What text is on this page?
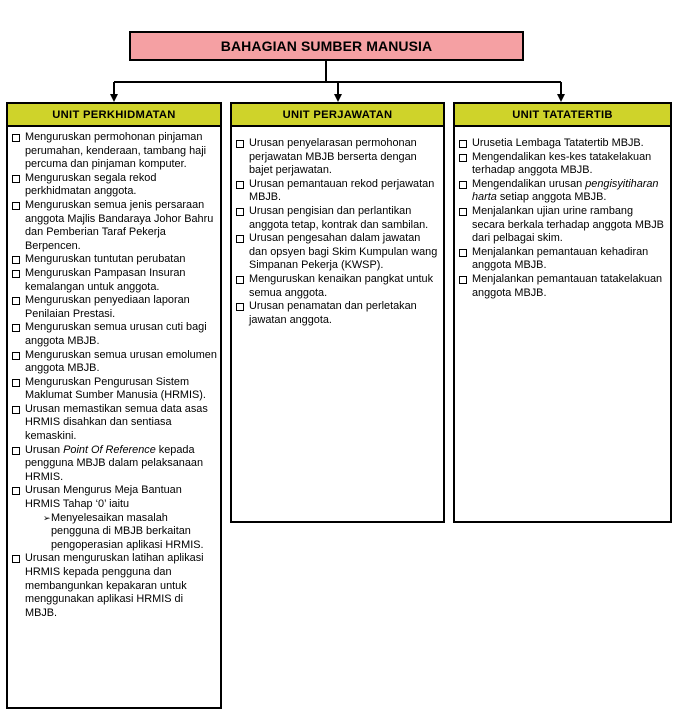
BAHAGIAN SUMBER MANUSIA
UNIT PERKHIDMATAN
Menguruskan permohonan pinjaman perumahan, kenderaan, tambang haji percuma dan pinjaman komputer.
Menguruskan segala rekod perkhidmatan anggota.
Menguruskan semua jenis persaraan anggota Majlis Bandaraya Johor Bahru dan Pemberian Taraf Pekerja Berpencen.
Menguruskan tuntutan perubatan
Menguruskan Pampasan Insuran kemalangan untuk anggota.
Menguruskan penyediaan laporan Penilaian Prestasi.
Menguruskan semua urusan cuti bagi anggota MBJB.
Menguruskan semua urusan emolumen anggota MBJB.
Menguruskan Pengurusan Sistem Maklumat Sumber Manusia (HRMIS).
Urusan memastikan semua data asas HRMIS disahkan dan sentiasa kemaskini.
Urusan Point Of Reference kepada pengguna MBJB dalam pelaksanaan HRMIS.
Urusan Mengurus Meja Bantuan HRMIS Tahap ‘0’ iaitu
➢ Menyelesaikan masalah pengguna di MBJB berkaitan pengoperasian aplikasi HRMIS.
Urusan menguruskan latihan aplikasi HRMIS kepada pengguna dan membangunkan kepakaran untuk menggunakan aplikasi HRMIS di MBJB.
UNIT PERJAWATAN
Urusan penyelarasan permohonan perjawatan MBJB berserta dengan bajet perjawatan.
Urusan pemantauan rekod perjawatan MBJB.
Urusan pengisian dan perlantikan anggota tetap, kontrak dan sambilan.
Urusan pengesahan dalam jawatan dan opsyen bagi Skim Kumpulan wang Simpanan Pekerja (KWSP).
Menguruskan kenaikan pangkat untuk semua anggota.
Urusan penamatan dan perletakan jawatan anggota.
UNIT TATATERTIB
Urusetia Lembaga Tatatertib MBJB.
Mengendalikan kes-kes tatakelakuan terhadap anggota MBJB.
Mengendalikan urusan pengisyitiharan harta setiap anggota MBJB.
Menjalankan ujian urine rambang secara berkala terhadap anggota MBJB dari pelbagai skim.
Menjalankan pemantauan kehadiran anggota MBJB.
Menjalankan pemantauan tatakelakuan anggota MBJB.
